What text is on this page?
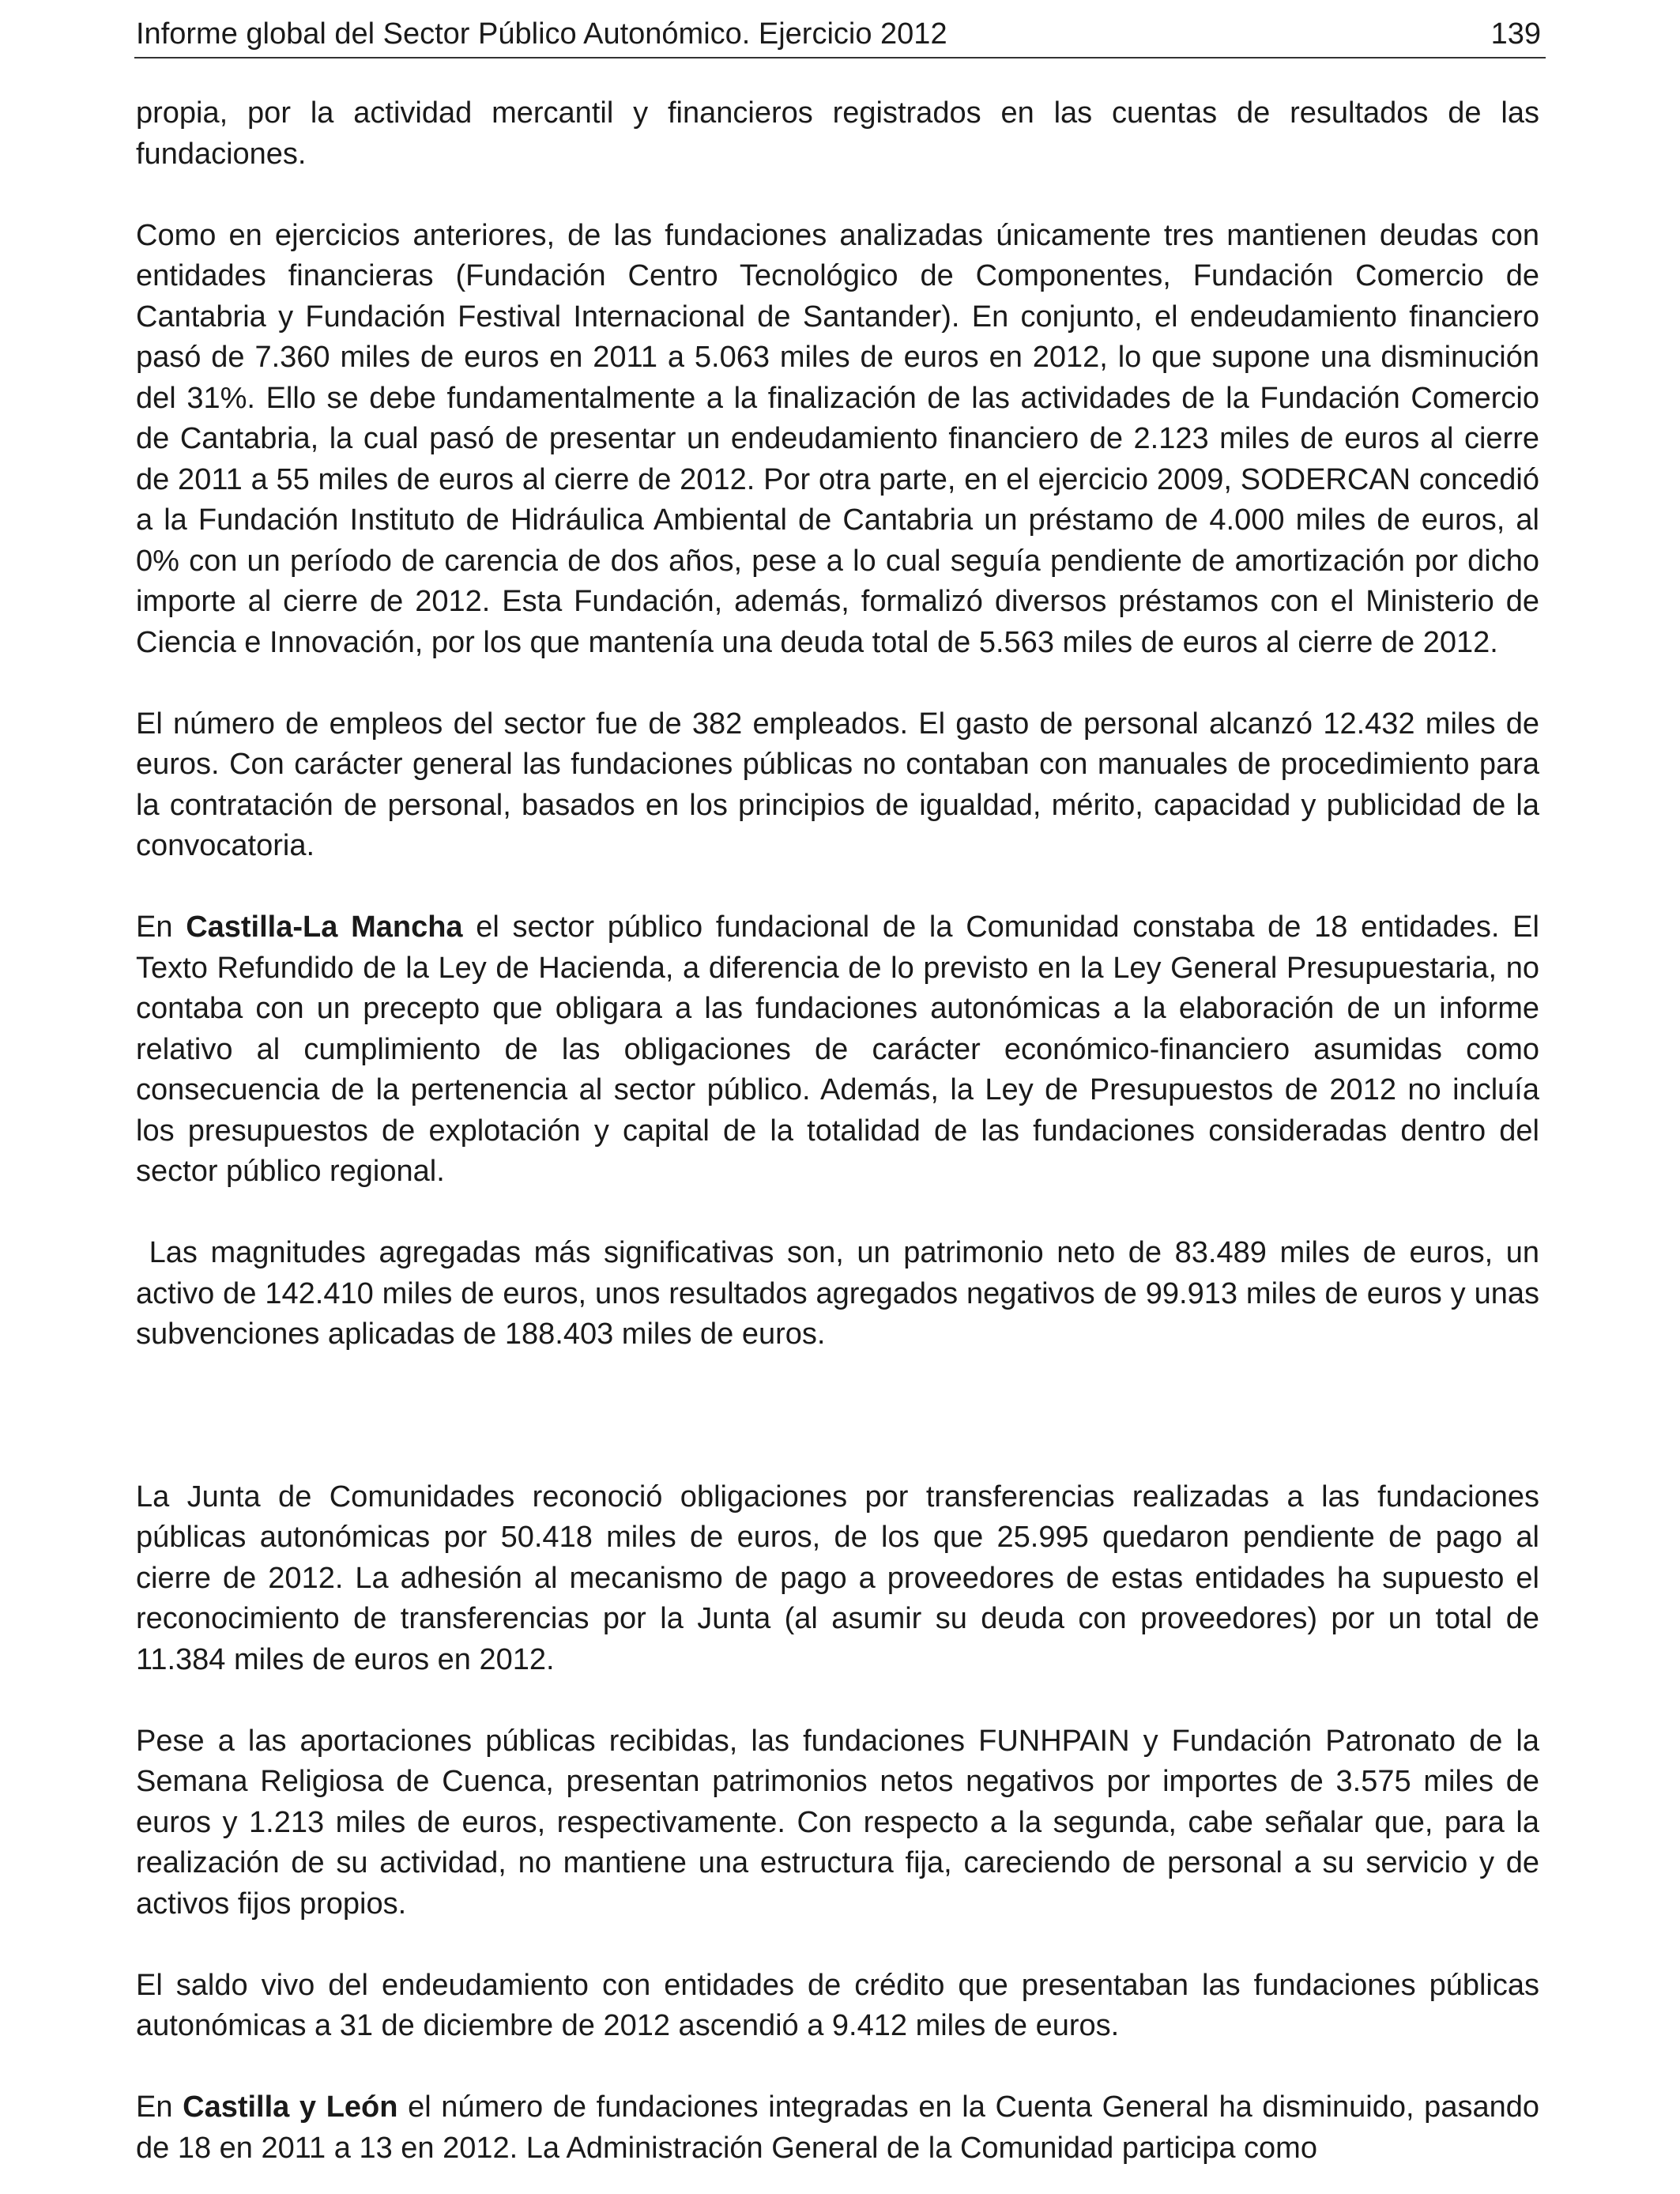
Informe global del Sector Público Autonómico. Ejercicio 2012	139

propia, por la actividad mercantil y financieros registrados en las cuentas de resultados de las fundaciones.

Como en ejercicios anteriores, de las fundaciones analizadas únicamente tres mantienen deudas con entidades financieras (Fundación Centro Tecnológico de Componentes, Fundación Comercio de Cantabria y Fundación Festival Internacional de Santander). En conjunto, el endeudamiento financiero pasó de 7.360 miles de euros en 2011 a 5.063 miles de euros en 2012, lo que supone una disminución del 31%. Ello se debe fundamentalmente a la finalización de las actividades de la Fundación Comercio de Cantabria, la cual pasó de presentar un endeudamiento financiero de 2.123 miles de euros al cierre de 2011 a 55 miles de euros al cierre de 2012. Por otra parte, en el ejercicio 2009, SODERCAN concedió a la Fundación Instituto de Hidráulica Ambiental de Cantabria un préstamo de 4.000 miles de euros, al 0% con un período de carencia de dos años, pese a lo cual seguía pendiente de amortización por dicho importe al cierre de 2012. Esta Fundación, además, formalizó diversos préstamos con el Ministerio de Ciencia e Innovación, por los que mantenía una deuda total de 5.563 miles de euros al cierre de 2012.

El número de empleos del sector fue de 382 empleados. El gasto de personal alcanzó 12.432 miles de euros. Con carácter general las fundaciones públicas no contaban con manuales de procedimiento para la contratación de personal, basados en los principios de igualdad, mérito, capacidad y publicidad de la convocatoria.

En Castilla-La Mancha el sector público fundacional de la Comunidad constaba de 18 entidades. El Texto Refundido de la Ley de Hacienda, a diferencia de lo previsto en la Ley General Presupuestaria, no contaba con un precepto que obligara a las fundaciones autonómicas a la elaboración de un informe relativo al cumplimiento de las obligaciones de carácter económico-financiero asumidas como consecuencia de la pertenencia al sector público. Además, la Ley de Presupuestos de 2012 no incluía los presupuestos de explotación y capital de la totalidad de las fundaciones consideradas dentro del sector público regional.

Las magnitudes agregadas más significativas son, un patrimonio neto de 83.489 miles de euros, un activo de 142.410 miles de euros, unos resultados agregados negativos de 99.913 miles de euros y unas subvenciones aplicadas de 188.403 miles de euros.

La Junta de Comunidades reconoció obligaciones por transferencias realizadas a las fundaciones públicas autonómicas por 50.418 miles de euros, de los que 25.995 quedaron pendiente de pago al cierre de 2012. La adhesión al mecanismo de pago a proveedores de estas entidades ha supuesto el reconocimiento de transferencias por la Junta (al asumir su deuda con proveedores) por un total de 11.384 miles de euros en 2012.

Pese a las aportaciones públicas recibidas, las fundaciones FUNHPAIN y Fundación Patronato de la Semana Religiosa de Cuenca, presentan patrimonios netos negativos por importes de 3.575 miles de euros y 1.213 miles de euros, respectivamente. Con respecto a la segunda, cabe señalar que, para la realización de su actividad, no mantiene una estructura fija, careciendo de personal a su servicio y de activos fijos propios.

El saldo vivo del endeudamiento con entidades de crédito que presentaban las fundaciones públicas autonómicas a 31 de diciembre de 2012 ascendió a 9.412 miles de euros.

En Castilla y León el número de fundaciones integradas en la Cuenta General ha disminuido, pasando de 18 en 2011 a 13 en 2012. La Administración General de la Comunidad participa como
